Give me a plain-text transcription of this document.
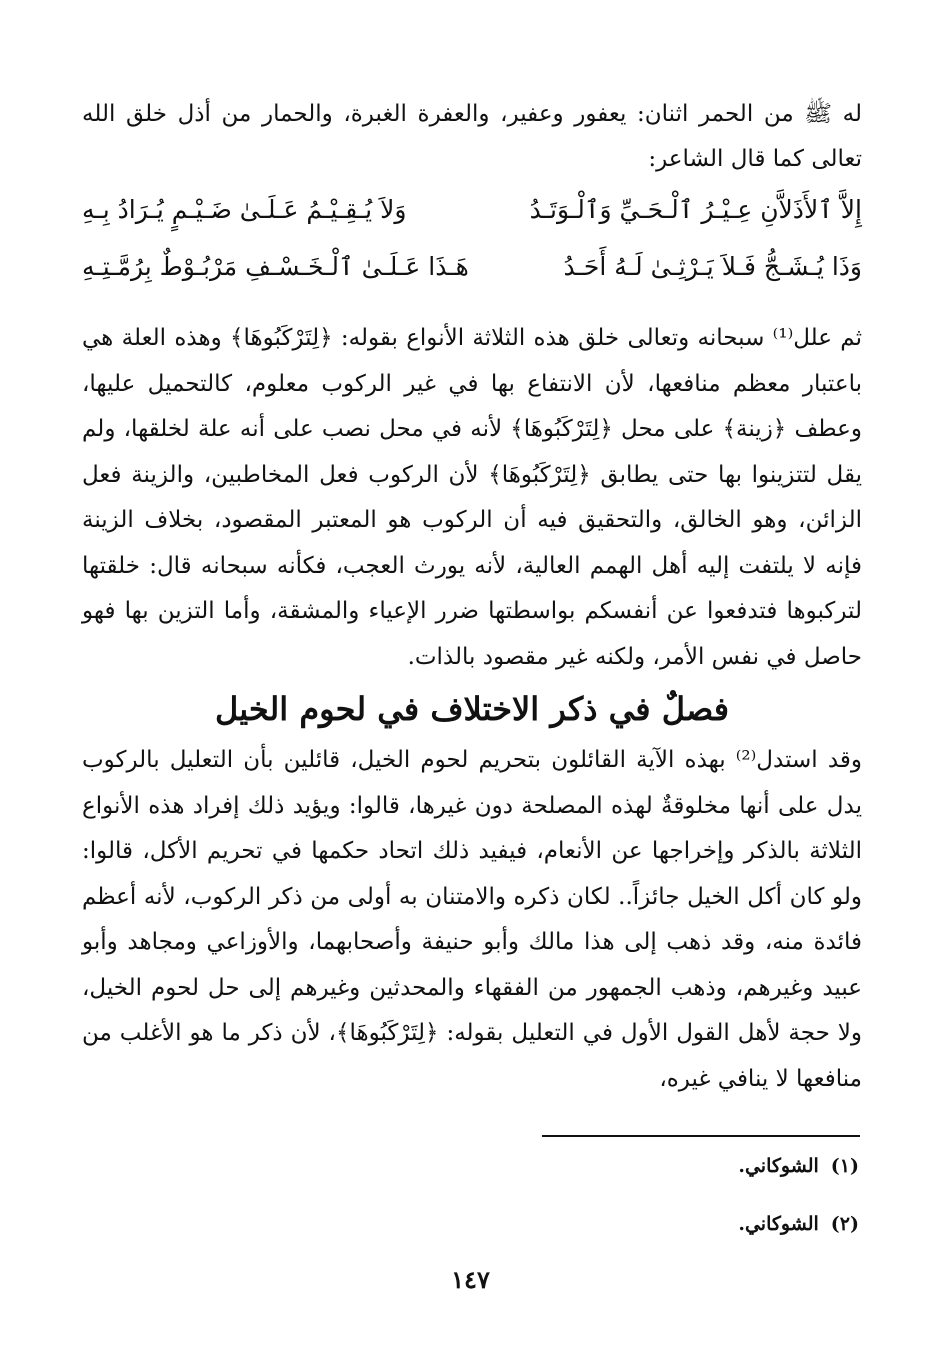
له ﷺ من الحمر اثنان: يعفور وعفير، والعفرة الغبرة، والحمار من أذل خلق الله تعالى كما قال الشاعر:
وَلاَ يُـقِـيْـمُ عَـلَـىٰ ضَـيْـمٍ يُـرَادُ بِـهِ	إِلاَّ ٱلأَذَلاَّنِ عِـيْـرُ ٱلْـحَـيِّ وَٱلْـوَتَـدُ
هَـذَا عَـلَـىٰ ٱلْـخَـسْـفِ مَرْبُـوْطٌ بِرُمَّـتِـهِ	وَذَا يُـشَـجُّ فَـلاَ يَـرْثِـىٰ لَـهُ أَحَـدُ
ثم علل⁽¹⁾ سبحانه وتعالى خلق هذه الثلاثة الأنواع بقوله: ﴿لِتَرْكَبُوهَا﴾ وهذه العلة هي باعتبار معظم منافعها، لأن الانتفاع بها في غير الركوب معلوم، كالتحميل عليها، وعطف ﴿زينة﴾ على محل ﴿لِتَرْكَبُوهَا﴾ لأنه في محل نصب على أنه علة لخلقها، ولم يقل لتتزينوا بها حتى يطابق ﴿لِتَرْكَبُوهَا﴾ لأن الركوب فعل المخاطبين، والزينة فعل الزائن، وهو الخالق، والتحقيق فيه أن الركوب هو المعتبر المقصود، بخلاف الزينة فإنه لا يلتفت إليه أهل الهمم العالية، لأنه يورث العجب، فكأنه سبحانه قال: خلقتها لتركبوها فتدفعوا عن أنفسكم بواسطتها ضرر الإعياء والمشقة، وأما التزين بها فهو حاصل في نفس الأمر، ولكنه غير مقصود بالذات.
فصلٌ في ذكر الاختلاف في لحوم الخيل
وقد استدل⁽²⁾ بهذه الآية القائلون بتحريم لحوم الخيل، قائلين بأن التعليل بالركوب يدل على أنها مخلوقةٌ لهذه المصلحة دون غيرها، قالوا: ويؤيد ذلك إفراد هذه الأنواع الثلاثة بالذكر وإخراجها عن الأنعام، فيفيد ذلك اتحاد حكمها في تحريم الأكل، قالوا: ولو كان أكل الخيل جائزاً.. لكان ذكره والامتنان به أولى من ذكر الركوب، لأنه أعظم فائدة منه، وقد ذهب إلى هذا مالك وأبو حنيفة وأصحابهما، والأوزاعي ومجاهد وأبو عبيد وغيرهم، وذهب الجمهور من الفقهاء والمحدثين وغيرهم إلى حل لحوم الخيل، ولا حجة لأهل القول الأول في التعليل بقوله: ﴿لِتَرْكَبُوهَا﴾، لأن ذكر ما هو الأغلب من منافعها لا ينافي غيره،
(١)الشوكاني.
(٢)الشوكاني.
١٤٧
